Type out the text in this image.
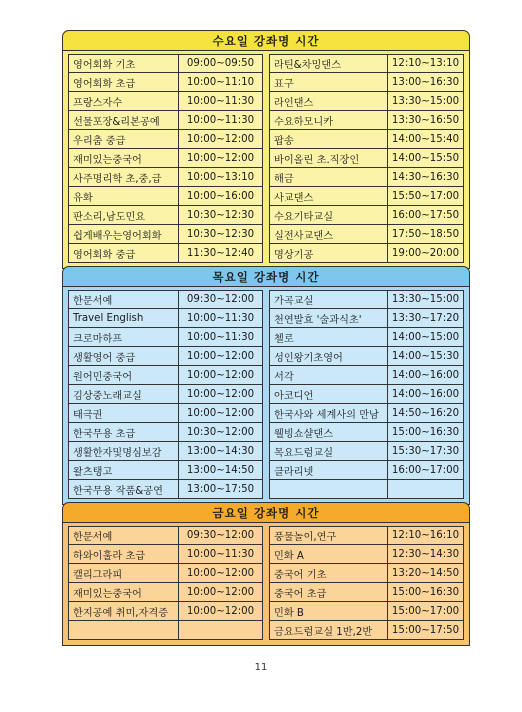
수요일 강좌명 시간
영어회화 기초	09:00~09:50
영어회화 초급	10:00~11:10
프랑스자수	10:00~11:30
선물포장&리본공예	10:00~11:30
우리춤 중급	10:00~12:00
재미있는중국어	10:00~12:00
사주명리학 초,중,급	10:00~13:10
유화	10:00~16:00
판소리,남도민요	10:30~12:30
쉽게배우는영어회화	10:30~12:30
영어회화 중급	11:30~12:40
라틴&차밍댄스	12:10~13:10
표구	13:00~16:30
라인댄스	13:30~15:00
수요하모니카	13:30~16:50
팝송	14:00~15:40
바이올린 초.직장인	14:00~15:50
해금	14:30~16:30
사교댄스	15:50~17:00
수요기타교실	16:00~17:50
실전사교댄스	17:50~18:50
명상기공	19:00~20:00
목요일 강좌명 시간
한문서예	09:30~12:00
Travel English	10:00~11:30
크로마하프	10:00~11:30
생활영어 중급	10:00~12:00
원어민중국어	10:00~12:00
김상중노래교실	10:00~12:00
태극권	10:00~12:00
한국무용 초급	10:30~12:00
생활한자및명심보감	13:00~14:30
왈츠탱고	13:00~14:50
한국무용 작품&공연	13:00~17:50
가곡교실	13:30~15:00
천연발효 '술과식초'	13:30~17:20
첼로	14:00~15:00
성인왕기초영어	14:00~15:30
서각	14:00~16:00
아코디언	14:00~16:00
한국사와 세계사의 만남	14:50~16:20
웰빙쇼샬댄스	15:00~16:30
목요드럼교실	15:30~17:30
클라리넷	16:00~17:00
금요일 강좌명 시간
한문서예	09:30~12:00
하와이훌라 초급	10:00~11:30
캘리그라피	10:00~12:00
재미있는중국어	10:00~12:00
한지공예 취미,자격증	10:00~12:00
풍물놀이,연구	12:10~16:10
민화 A	12:30~14:30
중국어 기초	13:20~14:50
중국어 초급	15:00~16:30
민화 B	15:00~17:00
금요드럼교실 1반,2반	15:00~17:50
11
